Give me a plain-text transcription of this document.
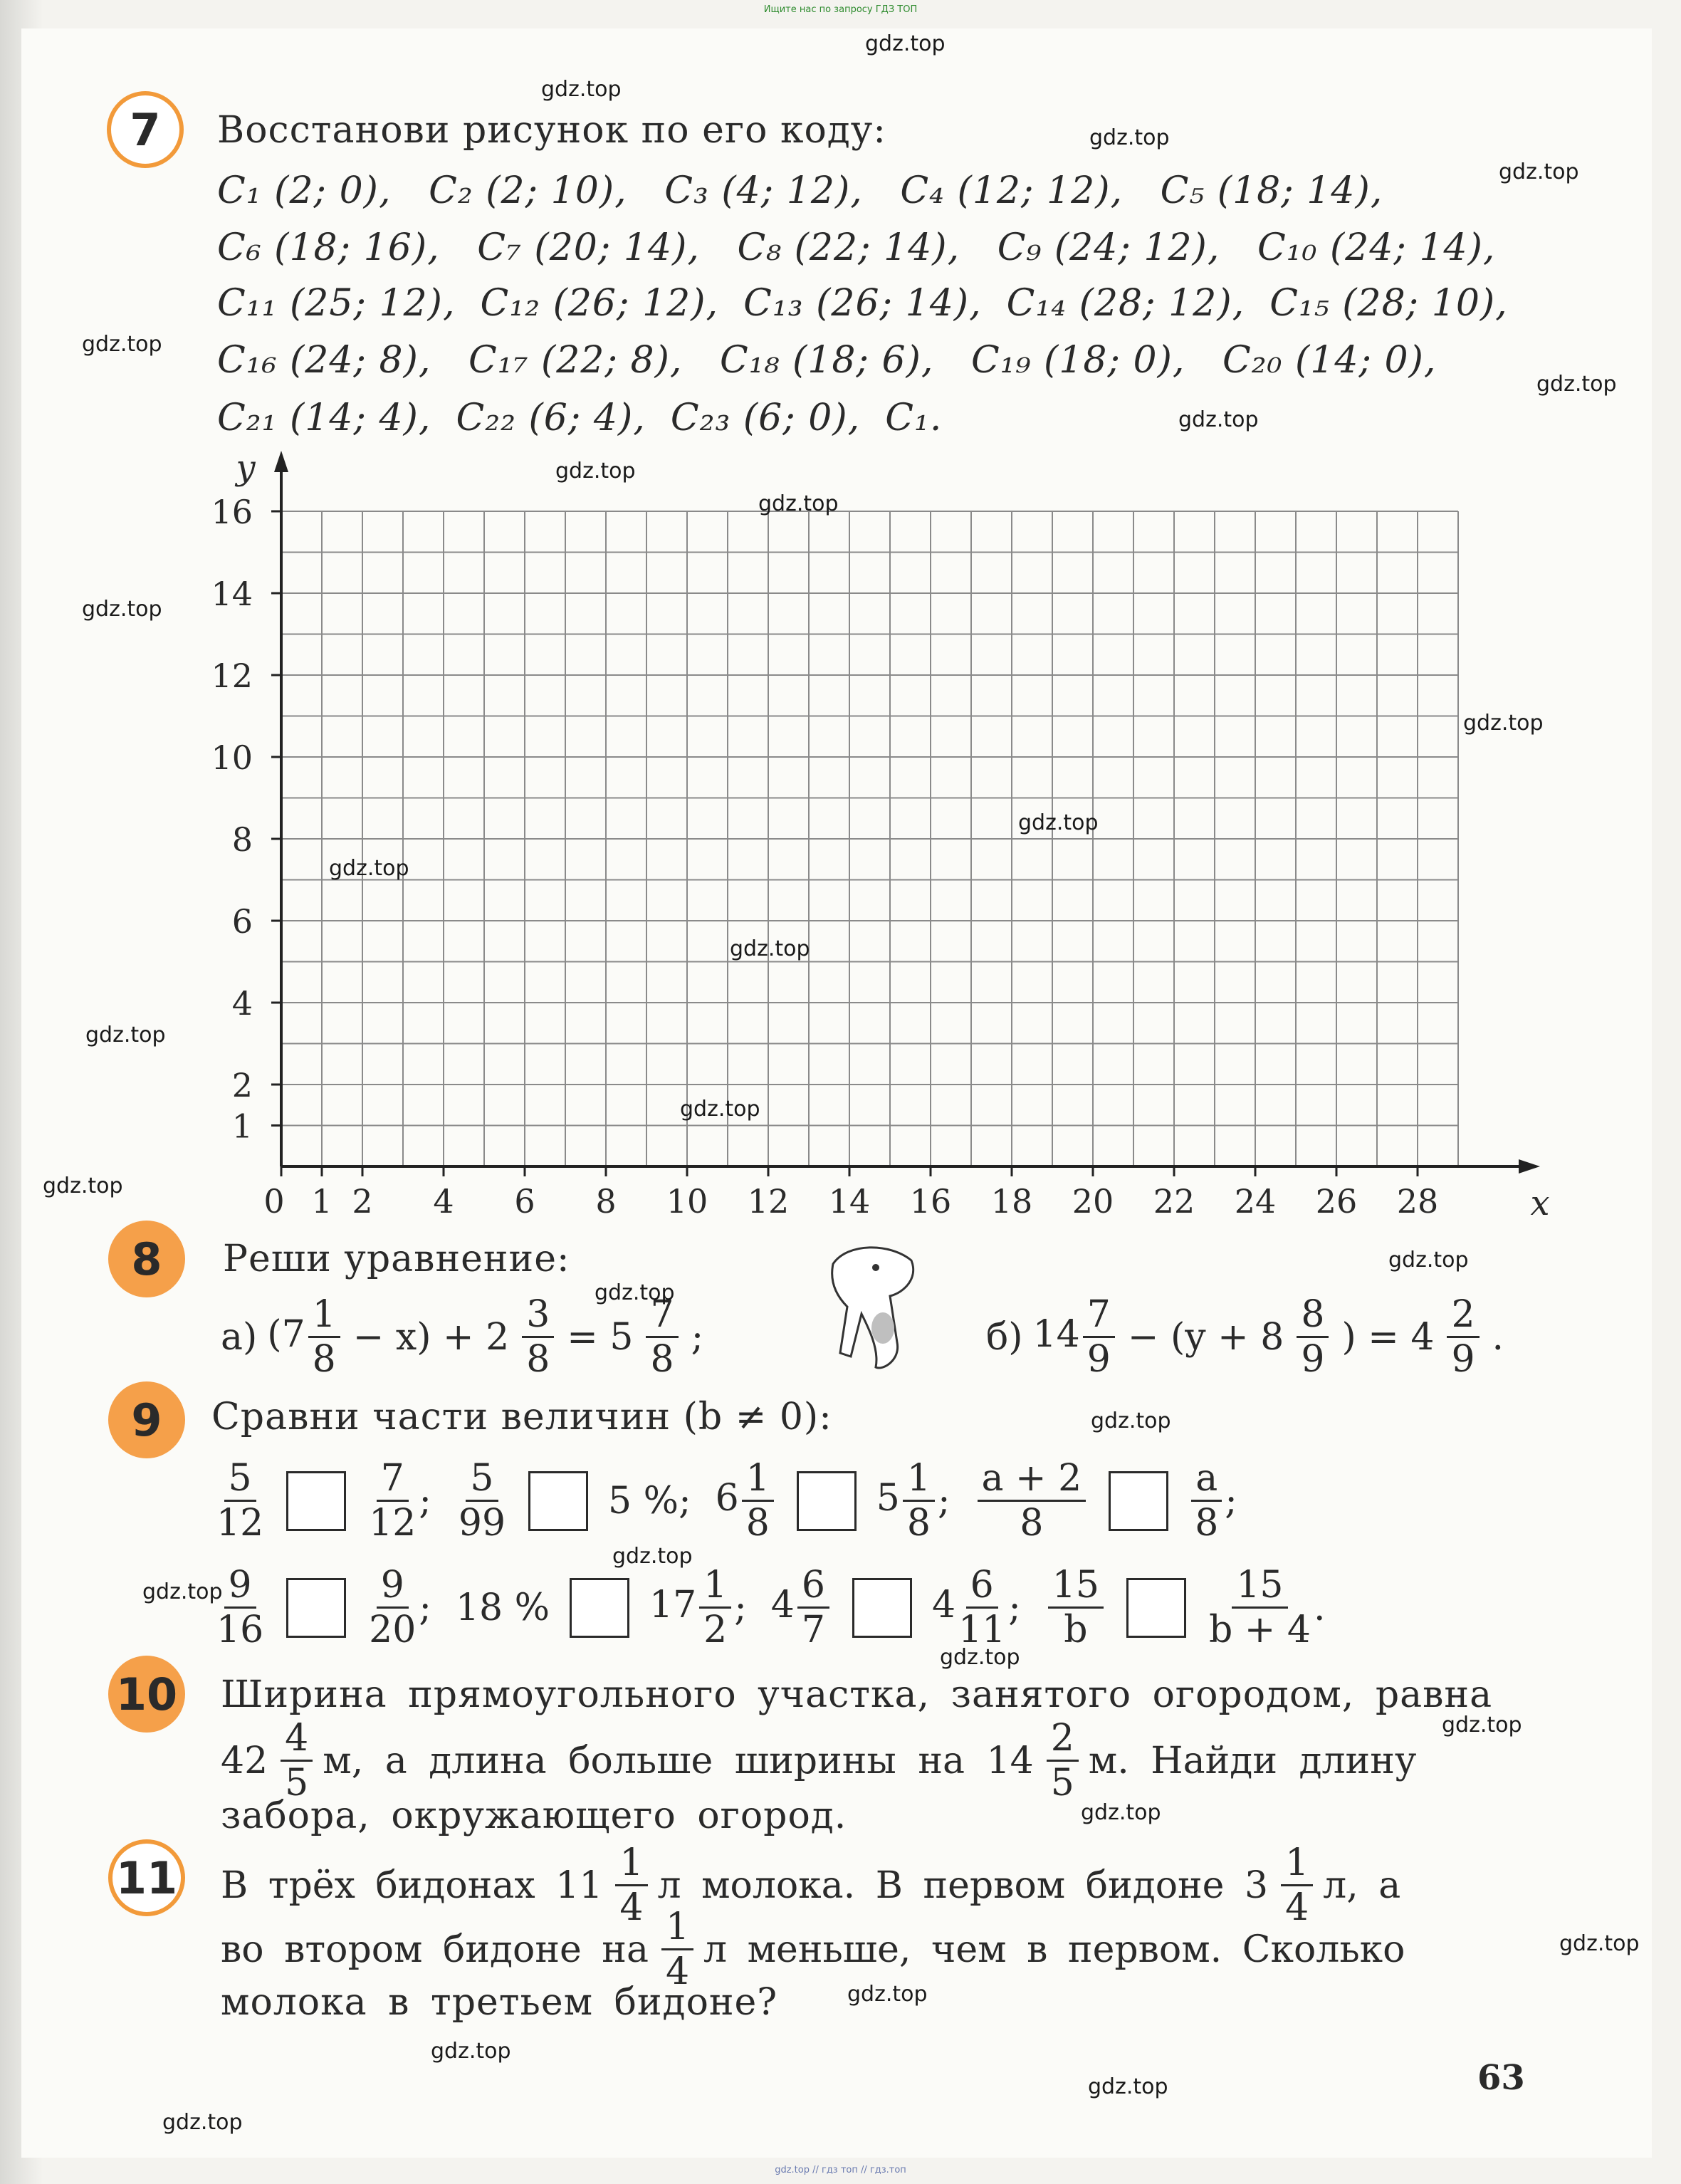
Ищите нас по запросу ГДЗ ТОП
7	Восстанови рисунок по его коду:
C₁ (2; 0),   C₂ (2; 10),   C₃ (4; 12),   C₄ (12; 12),   C₅ (18; 14),
C₆ (18; 16),   C₇ (20; 14),   C₈ (22; 14),   C₉ (24; 12),   C₁₀ (24; 14),
C₁₁ (25; 12),  C₁₂ (26; 12),  C₁₃ (26; 14),  C₁₄ (28; 12),  C₁₅ (28; 10),
C₁₆ (24; 8),   C₁₇ (22; 8),   C₁₈ (18; 6),   C₁₉ (18; 0),   C₂₀ (14; 0),
C₂₁ (14; 4),  C₂₂ (6; 4),  C₂₃ (6; 0),  C₁.
1
2
4
6
8
10
12
14
16
0 1 2 4 6 8 10 12 14 16 18 20 22 24 26 28	x
y
8	Реши уравнение:
а) $(7 \frac{1}{8} - x) + 2 \frac{3}{8} = 5 \frac{7}{8}$ ;	б) $14 \frac{7}{9} - (y + 8 \frac{8}{9}$ ) = $4 \frac{2}{9}$ .
9	Сравни части величин (b ≠ 0):
$\frac{5}{12}$	$\frac{7}{12}$ ; $\frac{5}{99}$	5 % ; $6 \frac{1}{8}$	$5 \frac{1}{8}$ ; $\frac{a + 2}{8}$	$\frac{a}{8}$ ;
$\frac{9}{16}$	$\frac{9}{20}$ ; 18 %	$17 \frac{1}{2}$ ; $4 \frac{6}{7}$	$4 \frac{6}{11}$ ; $\frac{15}{b}$	$\frac{15}{b + 4}$ .
10 Ширина прямоугольного участка, занятого огородом, равна
$42 \frac{4}{5} м$, а длина больше ширины на $14 \frac{2}{5} м$. Найди длину
забора, окружающего огород.
11 В трёх бидонах $11 \frac{1}{4}$ л молока. В первом бидоне $3 \frac{1}{4} л$, а
во втором бидоне на $\frac{1}{4}$ л меньше, чем в первом. Сколько
молока в третьем бидоне?
63
gdz.top // гдз топ // гдз.топ
gdz.top
gdz.top
gdz.top
gdz.top
gdz.top
gdz.top
gdz.top
gdz.top
gdz.top
gdz.top
gdz.top
gdz.top
gdz.top
gdz.top
gdz.top
gdz.top
gdz.top
gdz.top
gdz.top
gdz.top
gdz.top
gdz.top
gdz.top
gdz.top
gdz.top
gdz.top
gdz.top
gdz.top
gdz.top
gdz.top
